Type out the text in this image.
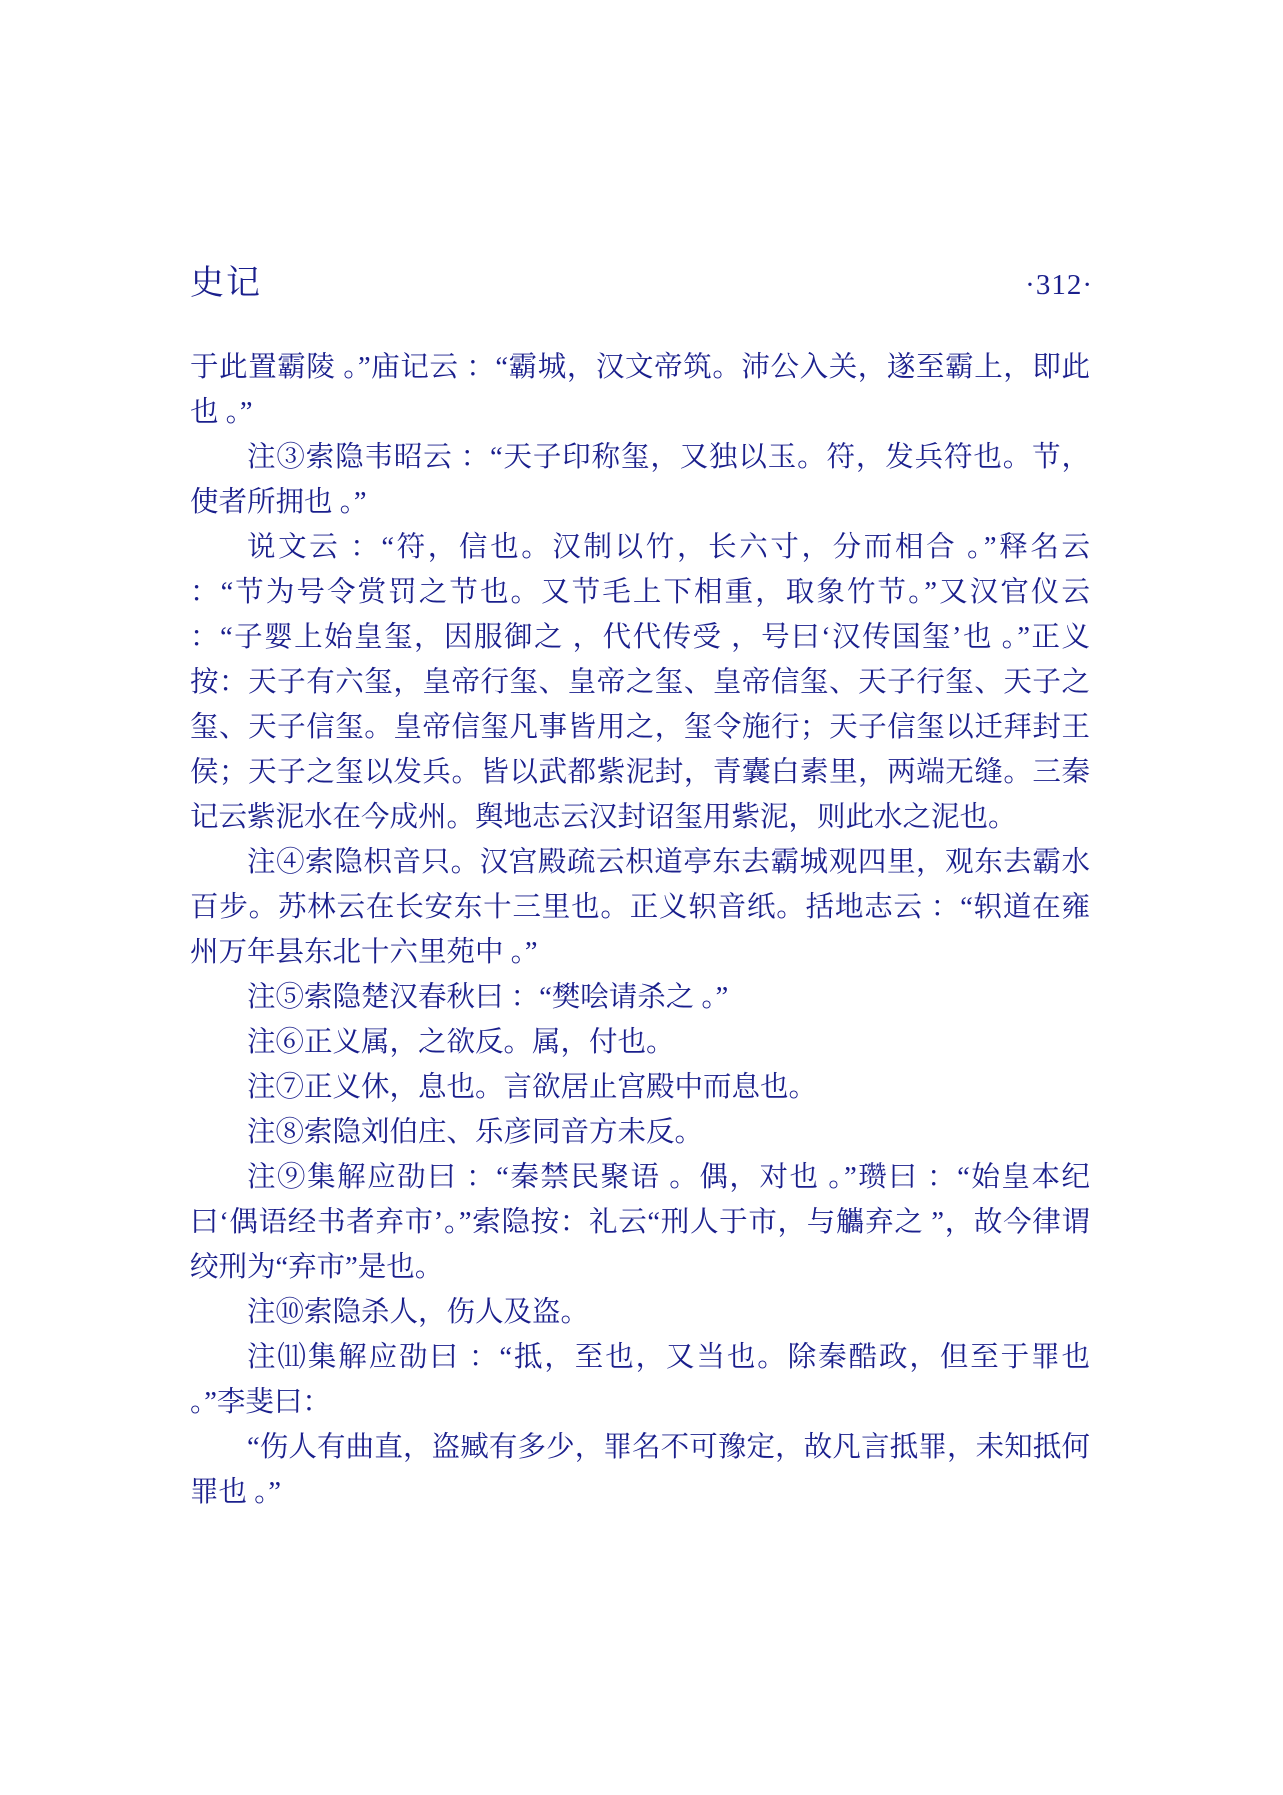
史记	·312·

于此置霸陵 。”庙记云 ：“霸城，汉文帝筑。沛公入关，遂至霸上，即此也 。”

注③索隐韦昭云 ：“天子印称玺，又独以玉。符，发兵符也。节，使者所拥也 。”

说文云 ：“符，信也。汉制以竹，长六寸，分而相合 。”释名云 ：“节为号令赏罚之节也。又节毛上下相重，取象竹节。”又汉官仪云 ：“子婴上始皇玺，因服御之 ，代代传受 ，号曰‘汉传国玺’也 。”正义按：天子有六玺，皇帝行玺、皇帝之玺、皇帝信玺、天子行玺、天子之玺、天子信玺。皇帝信玺凡事皆用之，玺令施行；天子信玺以迁拜封王侯；天子之玺以发兵。皆以武都紫泥封，青囊白素里，两端无缝。三秦记云紫泥水在今成州。舆地志云汉封诏玺用紫泥，则此水之泥也。

注④索隐枳音只。汉宫殿疏云枳道亭东去霸城观四里，观东去霸水百步。苏林云在长安东十三里也。正义轵音纸。括地志云 ：“轵道在雍州万年县东北十六里苑中 。”

注⑤索隐楚汉春秋曰 ：“樊哙请杀之 。”

注⑥正义属，之欲反。属，付也。

注⑦正义休，息也。言欲居止宫殿中而息也。

注⑧索隐刘伯庄、乐彦同音方未反。

注⑨集解应劭曰 ：“秦禁民聚语 。偶，对也 。”瓒曰 ：“始皇本纪曰‘偶语经书者弃市’。”索隐按：礼云“刑人于市，与觿弃之 ”，故今律谓绞刑为“弃市”是也。

注⑩索隐杀人，伤人及盗。

注⑾集解应劭曰 ：“抵，至也，又当也。除秦酷政，但至于罪也 。”李斐曰：

“伤人有曲直，盗臧有多少，罪名不可豫定，故凡言抵罪，未知抵何罪也 。”
